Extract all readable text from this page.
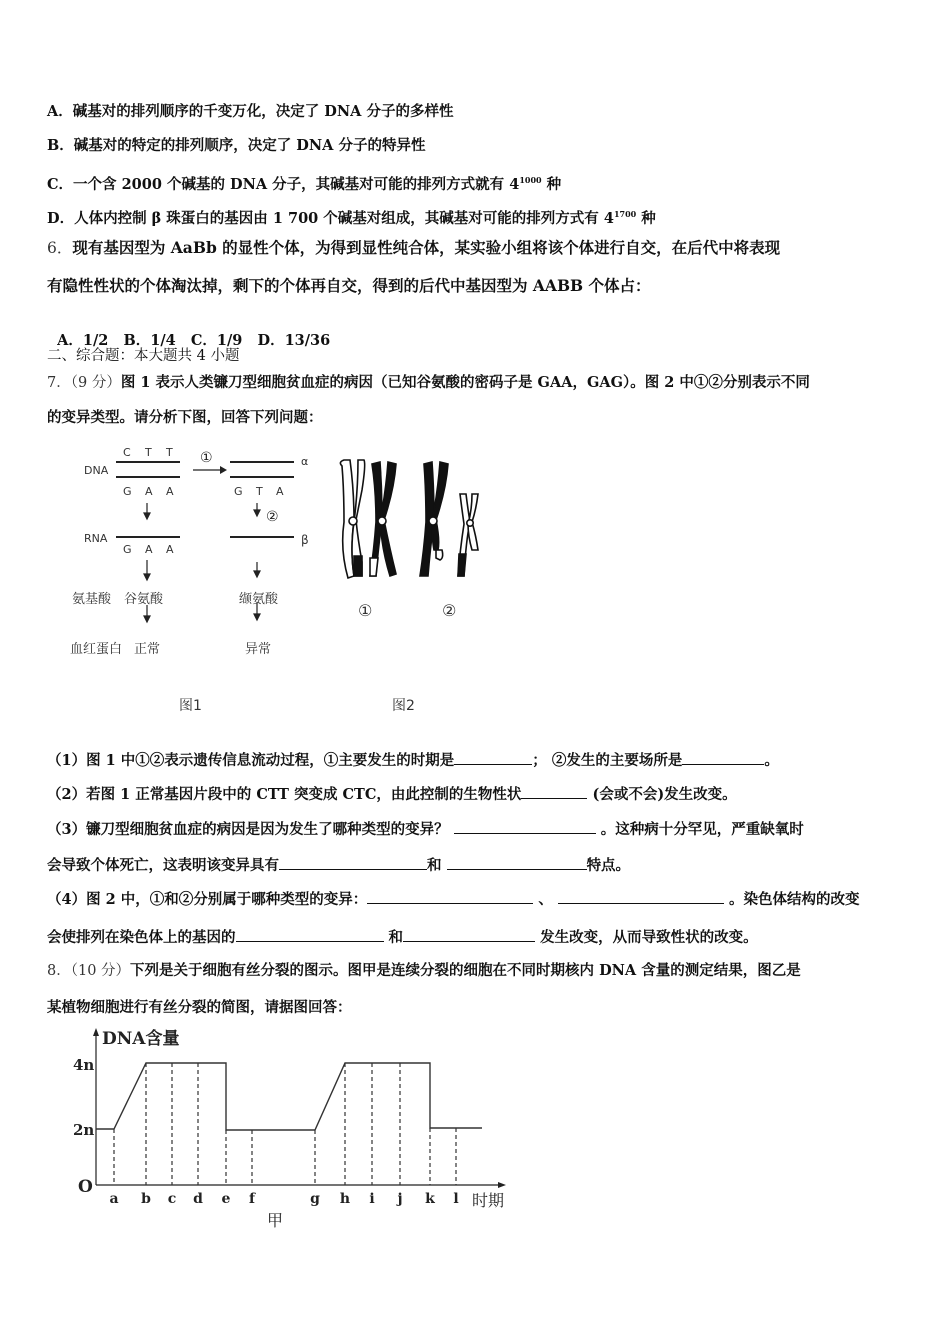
A．碱基对的排列顺序的千变万化，决定了 DNA 分子的多样性
B．碱基对的特定的排列顺序，决定了 DNA 分子的特异性
C．一个含 2000 个碱基的 DNA 分子，其碱基对可能的排列方式就有 $4^{1000}$ 种
D．人体内控制 β 珠蛋白的基因由 1 700 个碱基对组成，其碱基对可能的排列方式有 $4^{1700}$ 种
6．现有基因型为 AaBb 的显性个体，为得到显性纯合体，某实验小组将该个体进行自交，在后代中将表现
有隐性性状的个体淘汰掉，剩下的个体再自交，得到的后代中基因型为 AABB 个体占：

A．1/2   B．1/4   C．1/9   D．13/36

二、综合题：本大题共 4 小题
7．（9 分）图 1 表示人类镰刀型细胞贫血症的病因（已知谷氨酸的密码子是 GAA，GAG）。图 2 中①②分别表示不同
的变异类型。请分析下图，回答下列问题：
DNA
RNA
C T T
G A A
G A A
G T A
①	α
β
②
氨基酸 谷氨酸	缬氨酸
血红蛋白 正常	异常
图1
①	②
图2
（1）图 1 中①②表示遗传信息流动过程，①主要发生的时期是	； ②发生的主要场所是	。
（2）若图 1 正常基因片段中的 CTT 突变成 CTC，由此控制的生物性状	(会或不会)发生改变。
（3）镰刀型细胞贫血症的病因是因为发生了哪种类型的变异？	。这种病十分罕见，严重缺氧时
会导致个体死亡，这表明该变异具有	和	特点。
（4）图 2 中，①和②分别属于哪种类型的变异：	、	。染色体结构的改变
会使排列在染色体上的基因的	和	发生改变，从而导致性状的改变。
8．（10 分）下列是关于细胞有丝分裂的图示。图甲是连续分裂的细胞在不同时期核内 DNA 含量的测定结果，图乙是
某植物细胞进行有丝分裂的简图，请据图回答：
DNA含量
4n
2n
O
a b c d e f	g h i j k l 时期
甲
